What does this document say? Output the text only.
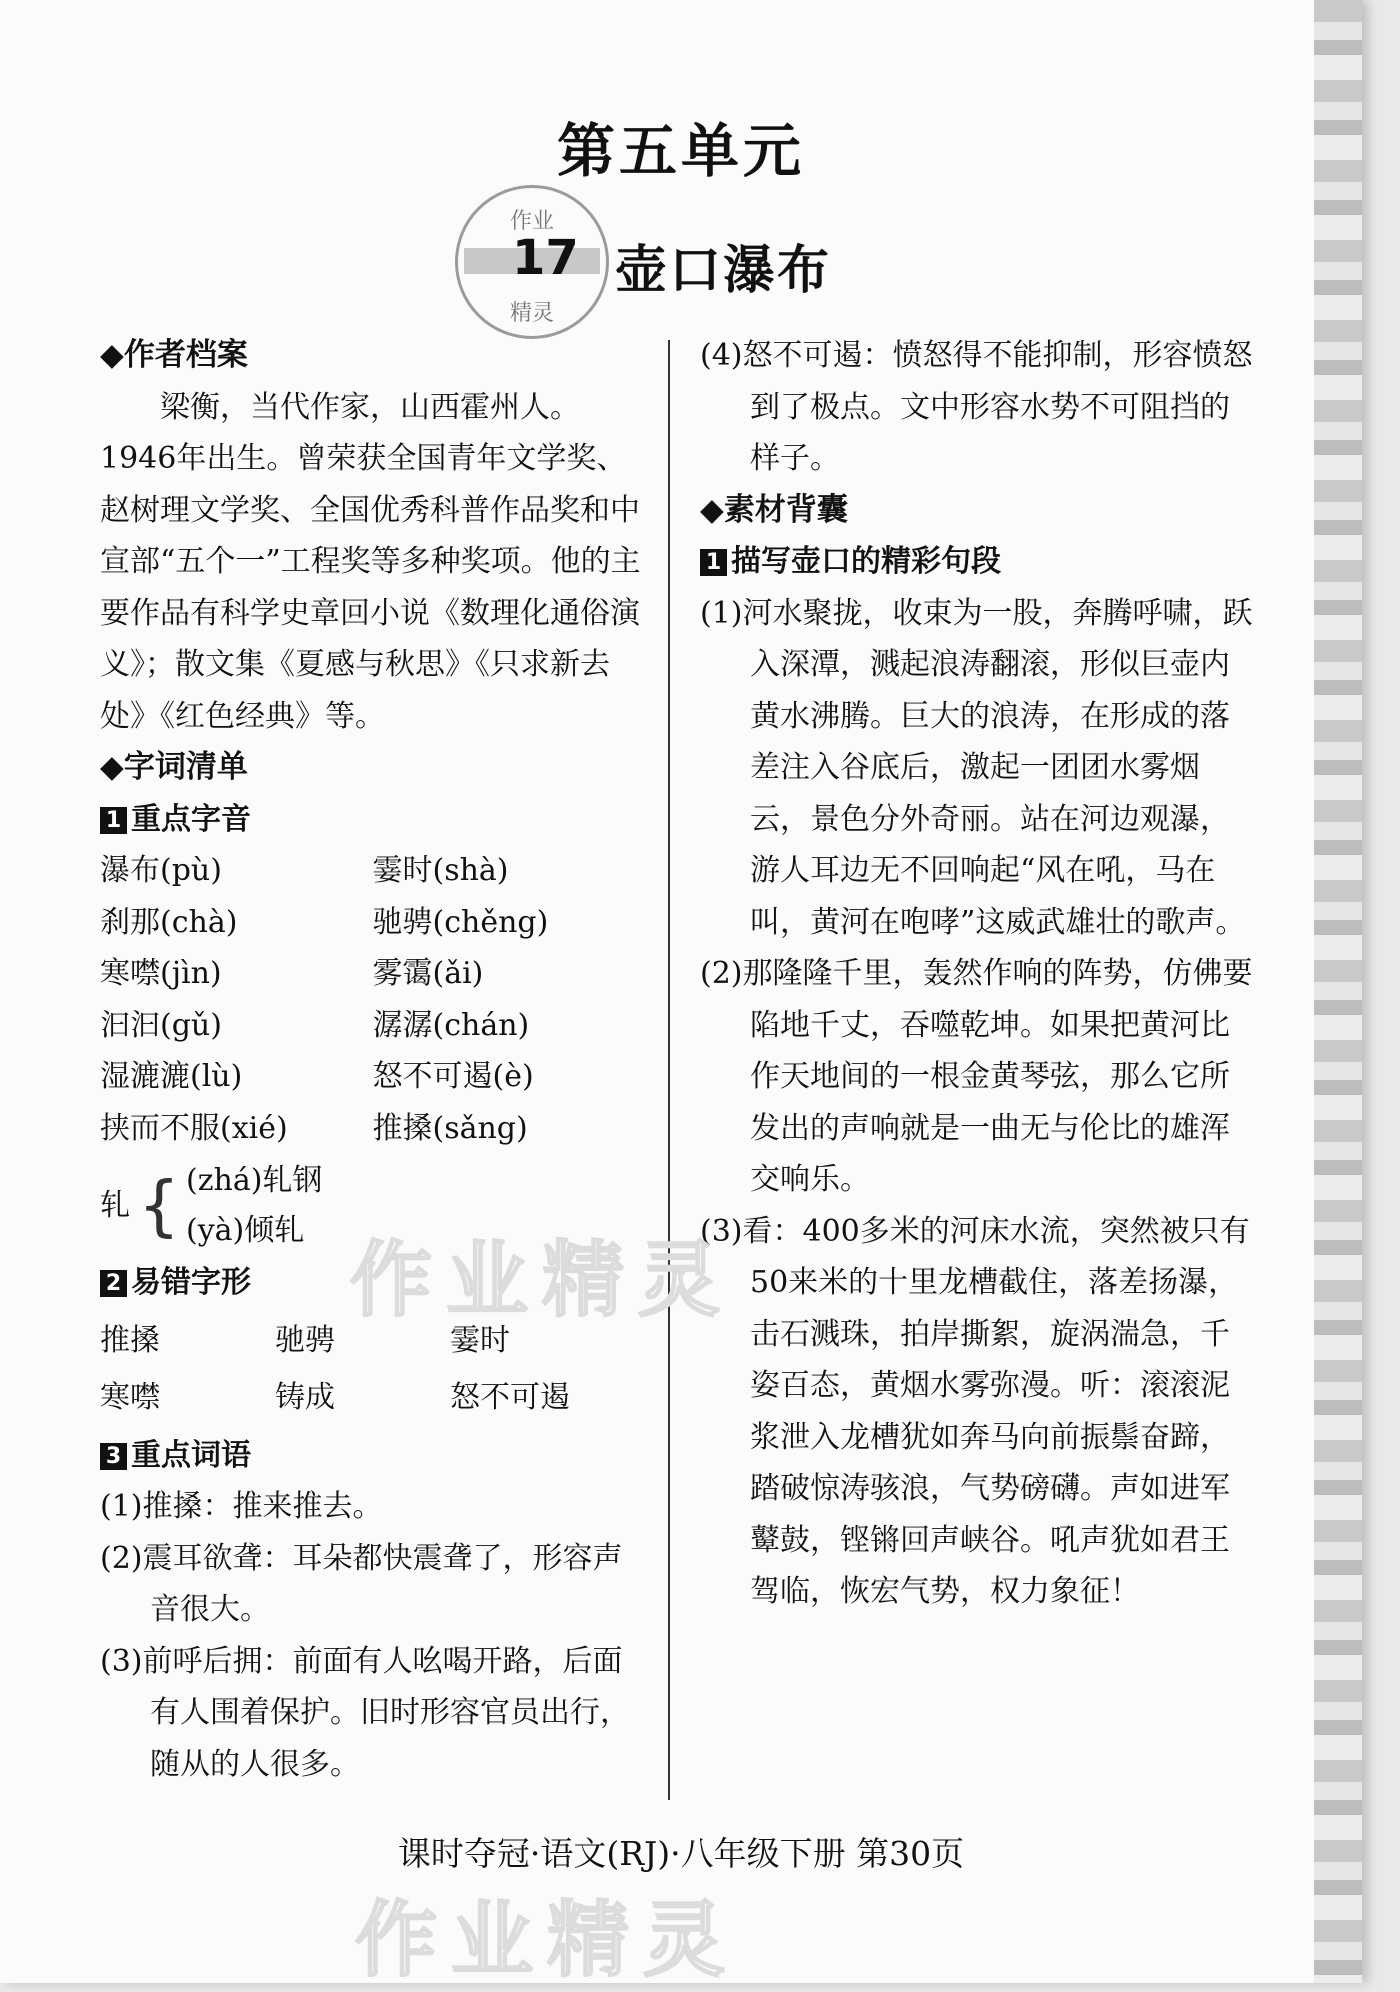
第五单元
作业
精灵
17 壶口瀑布
◆作者档案
梁衡，当代作家，山西霍州人。1946年出生。曾荣获全国青年文学奖、赵树理文学奖、全国优秀科普作品奖和中宣部“五个一”工程奖等多种奖项。他的主要作品有科学史章回小说《数理化通俗演义》；散文集《夏感与秋思》《只求新去处》《红色经典》等。
◆字词清单
1 重点字音
瀑布(pù)	霎时(shà)
刹那(chà)	驰骋(chěng)
寒噤(jìn)	雾霭(ǎi)
汩汩(gǔ)	潺潺(chán)
湿漉漉(lù)	怒不可遏(è)
挟而不服(xié)	推搡(sǎng)
轧 { (zhá)轧钢
(yà)倾轧
2 易错字形
推搡	驰骋	霎时
寒噤	铸成	怒不可遏
3 重点词语
(1)推搡：推来推去。
(2)震耳欲聋：耳朵都快震聋了，形容声音很大。
(3)前呼后拥：前面有人吆喝开路，后面有人围着保护。旧时形容官员出行，随从的人很多。
(4)怒不可遏：愤怒得不能抑制，形容愤怒到了极点。文中形容水势不可阻挡的样子。
◆素材背囊
1 描写壶口的精彩句段
(1)河水聚拢，收束为一股，奔腾呼啸，跃入深潭，溅起浪涛翻滚，形似巨壶内黄水沸腾。巨大的浪涛，在形成的落差注入谷底后，激起一团团水雾烟云，景色分外奇丽。站在河边观瀑，游人耳边无不回响起“风在吼，马在叫，黄河在咆哮”这威武雄壮的歌声。
(2)那隆隆千里，轰然作响的阵势，仿佛要陷地千丈，吞噬乾坤。如果把黄河比作天地间的一根金黄琴弦，那么它所发出的声响就是一曲无与伦比的雄浑交响乐。
(3)看：400多米的河床水流，突然被只有50来米的十里龙槽截住，落差扬瀑，击石溅珠，拍岸撕絮，旋涡湍急，千姿百态，黄烟水雾弥漫。听：滚滚泥浆泄入龙槽犹如奔马向前振鬃奋蹄，踏破惊涛骇浪，气势磅礴。声如进军鼙鼓，铿锵回声峡谷。吼声犹如君王驾临，恢宏气势，权力象征！
作业精灵
作业精灵
课时夺冠·语文(RJ)·八年级下册 第30页
